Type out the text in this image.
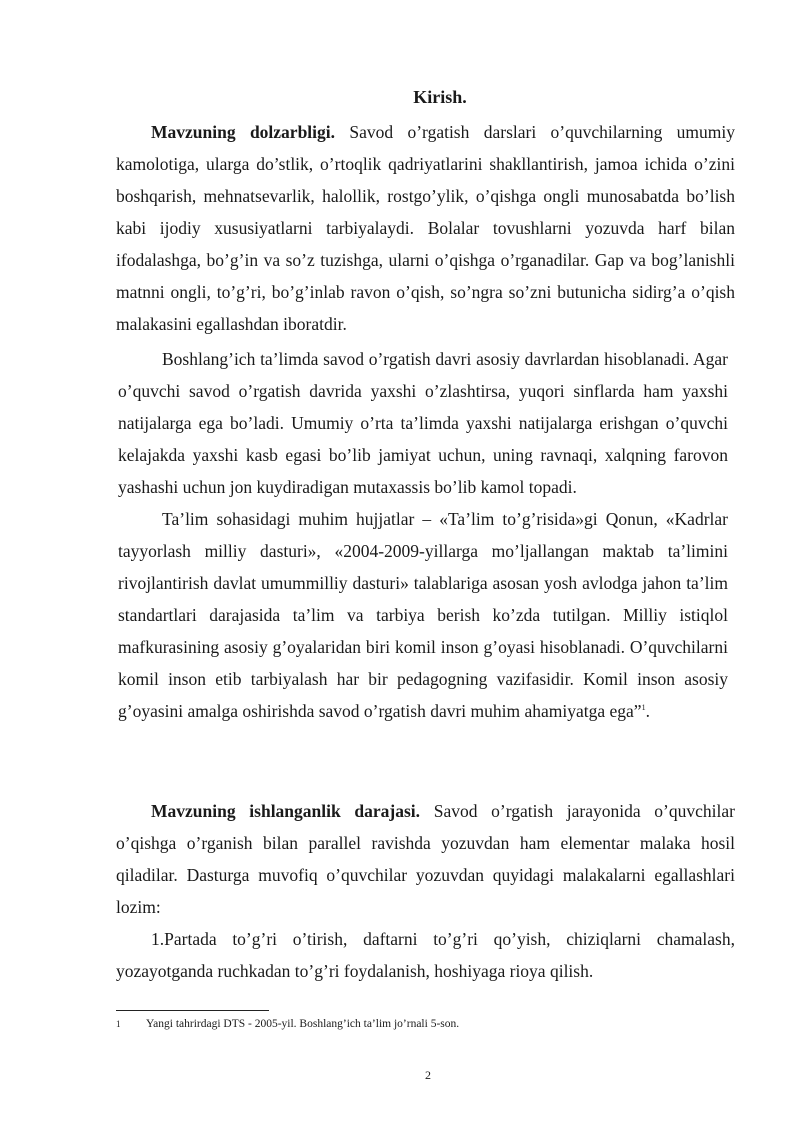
Kirish.

Mavzuning dolzarbligi. Savod o’rgatish darslari o’quvchilarning umumiy kamolotiga, ularga do’stlik, o’rtoqlik qadriyatlarini shakllantirish, jamoa ichida o’zini boshqarish, mehnatsevarlik, halollik, rostgo’ylik, o’qishga ongli munosabatda bo’lish kabi ijodiy xususiyatlarni tarbiyalaydi. Bolalar tovushlarni yozuvda harf bilan ifodalashga, bo’g’in va so’z tuzishga, ularni o’qishga o’rganadilar. Gap va bog’lanishli matnni ongli, to’g’ri, bo’g’inlab ravon o’qish, so’ngra so’zni butunicha sidirg’a o’qish malakasini egallashdan iboratdir.

Boshlang’ich ta’limda savod o’rgatish davri asosiy davrlardan hisoblanadi. Agar o’quvchi savod o’rgatish davrida yaxshi o’zlashtirsa, yuqori sinflarda ham yaxshi natijalarga ega bo’ladi. Umumiy o’rta ta’limda yaxshi natijalarga erishgan o’quvchi kelajakda yaxshi kasb egasi bo’lib jamiyat uchun, uning ravnaqi, xalqning farovon yashashi uchun jon kuydiradigan mutaxassis bo’lib kamol topadi.

Ta’lim sohasidagi muhim hujjatlar – «Ta’lim to’g’risida»gi Qonun, «Kadrlar tayyorlash milliy dasturi», «2004-2009-yillarga mo’ljallangan maktab ta’limini rivojlantirish davlat umummilliy dasturi» talablariga asosan yosh avlodga jahon ta’lim standartlari darajasida ta’lim va tarbiya berish ko’zda tutilgan. Milliy istiqlol mafkurasining asosiy g’oyalaridan biri komil inson g’oyasi hisoblanadi. O’quvchilarni komil inson etib tarbiyalash har bir pedagogning vazifasidir. Komil inson asosiy g’oyasini amalga oshirishda savod o’rgatish davri muhim ahamiyatga ega”$^1$.

Mavzuning ishlanganlik darajasi. Savod o’rgatish jarayonida o’quvchilar o’qishga o’rganish bilan parallel ravishda yozuvdan ham elementar malaka hosil qiladilar. Dasturga muvofiq o’quvchilar yozuvdan quyidagi malakalarni egallashlari lozim:

1.Partada to’g’ri o’tirish, daftarni to’g’ri qo’yish, chiziqlarni chamalash, yozayotganda ruchkadan to’g’ri foydalanish, hoshiyaga rioya qilish.

1 Yangi tahrirdagi DTS - 2005-yil. Boshlang’ich ta’lim jo’rnali 5-son.
2
